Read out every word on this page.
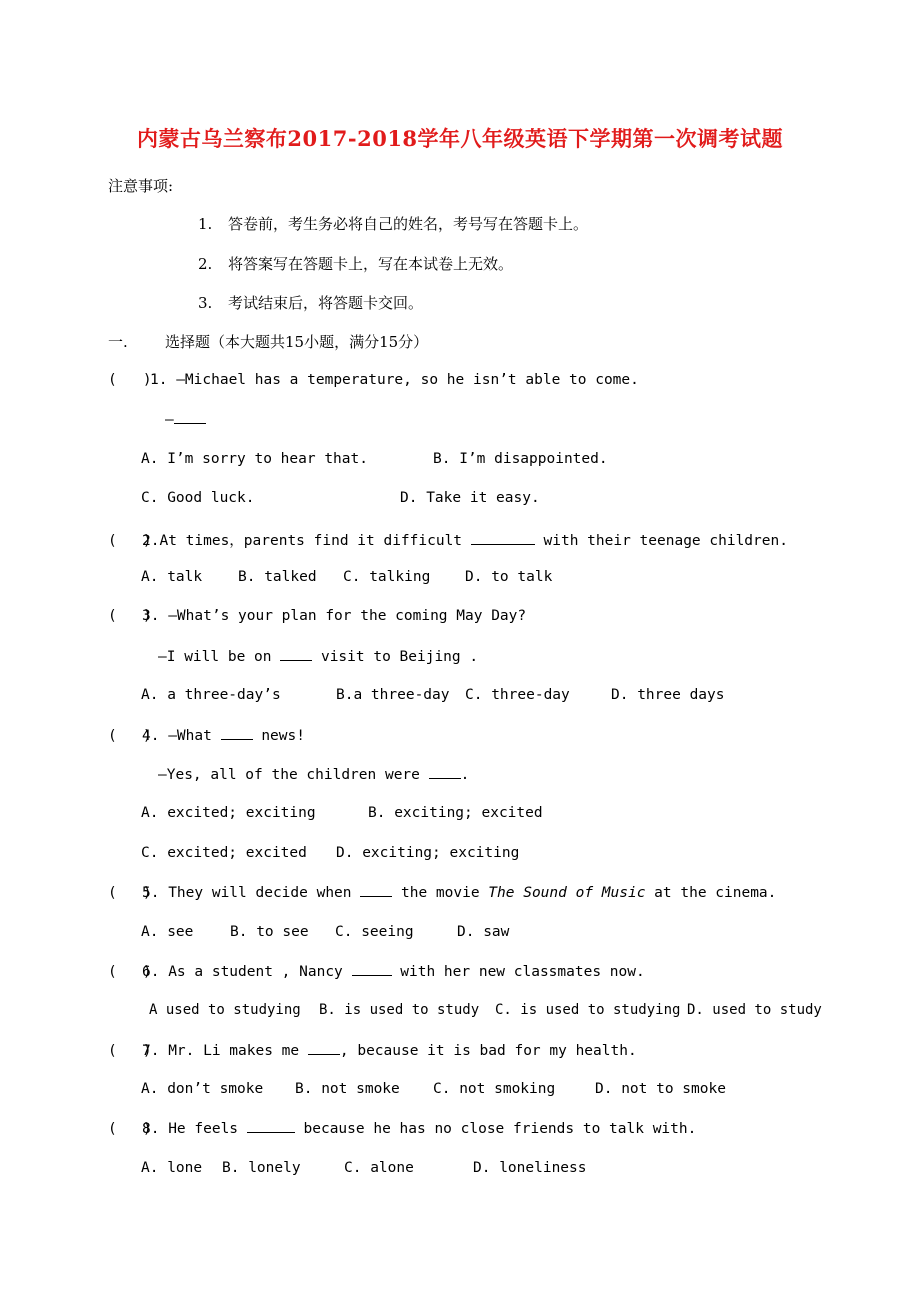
内蒙古乌兰察布2017-2018学年八年级英语下学期第一次调考试题
注意事项:
1. 答卷前，考生务必将自己的姓名，考号写在答题卡上。
2. 将答案写在答题卡上，写在本试卷上无效。
3. 考试结束后，将答题卡交回。
一. 选择题（本大题共15小题，满分15分）
(   )1. —Michael has a temperature, so he isn’t able to come.
—
A. I’m sorry to hear that.	B. I’m disappointed.
C. Good luck.	D. Take it easy.
(   )2.At times，parents find it difficult	with their teenage children.
A. talk B. talked C. talking D. to talk
(   )3. —What’s your plan for the coming May Day?
—I will be on	visit to Beijing .
A. a three-day’s	B.a three-day C. three-day	D. three days
(   )4. —What	news!
—Yes, all of the children were	.
A. excited; exciting	B. exciting; excited
C. excited; excited D. exciting; exciting
(   )5. They will decide when	the movie The Sound of Music at the cinema.
A. see	B. to see C. seeing	D. saw
(   )6. As a student , Nancy	with her new classmates now.
A used to studying B. is used to study C. is used to studying D. used to study
(   )7. Mr. Li makes me	, because it is bad for my health.
A. don’t smoke B. not smoke C. not smoking	D. not to smoke
(   )8. He feels	because he has no close friends to talk with.
A. lone B. lonely	C. alone	D. loneliness
